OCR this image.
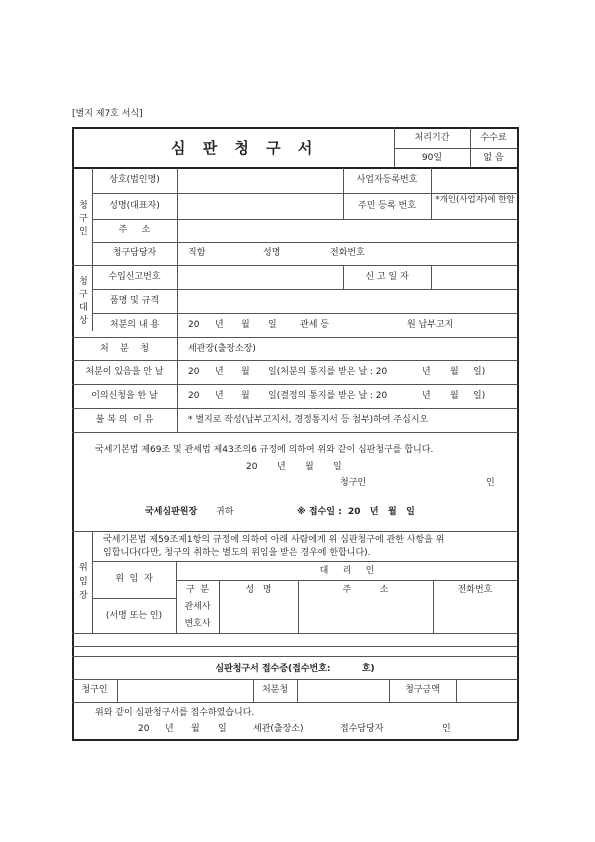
[별지 제7호 서식]
심 판 청 구 서
처리기간	수수료
90일	없 음
청
구
인
상호(법인명)	사업자등록번호
성명(대표자)	주민 등록 번호
*개인(사업자)에 한함
주     소
청구담당자	직함	성명	전화번호
청
구
대
상
수입신고번호	신 고 일 자
품명 및 규격
처분의 내 용	20 년 월 일	관세 등	원 납부고지
처    분    청	세관장(출장소장)
처분이 있음을 안 날	20 년 월 일(처분의 통지를 받은 날 : 20	년 월 일)
이의신청을 한 날	20 년 월 일(결정의 통지를 받은 날 : 20	년 월 일)
불 복 의  이 유	* 별지로 작성(납부고지서, 경정통지서 등 첨부)하여 주십시오
국세기본법 제69조 및 관세법 제43조의6 규정에 의하여 위와 같이 심판청구를 합니다.
20 년 월 일
청구인	인
국세심판원장 귀하	※ 접수일 :  20   년   월   일
위
임
장
국세기본법 제59조제1항의 규정에 의하여 아래 사람에게 위 심판청구에 관한 사항을 위
임합니다(다만, 청구의 취하는 별도의 위임을 받은 경우에 한합니다).
위  임  자
대     리     인
구  분	성   명	주          소	전화번호
(서명 또는 인)
관세사
변호사
심판청구서 접수증(접수번호:          호)
청구인	처분청	청구금액
위와 같이 심판청구서를 접수하였습니다.
20 년 월 일	세관(출장소)	접수담당자	인
